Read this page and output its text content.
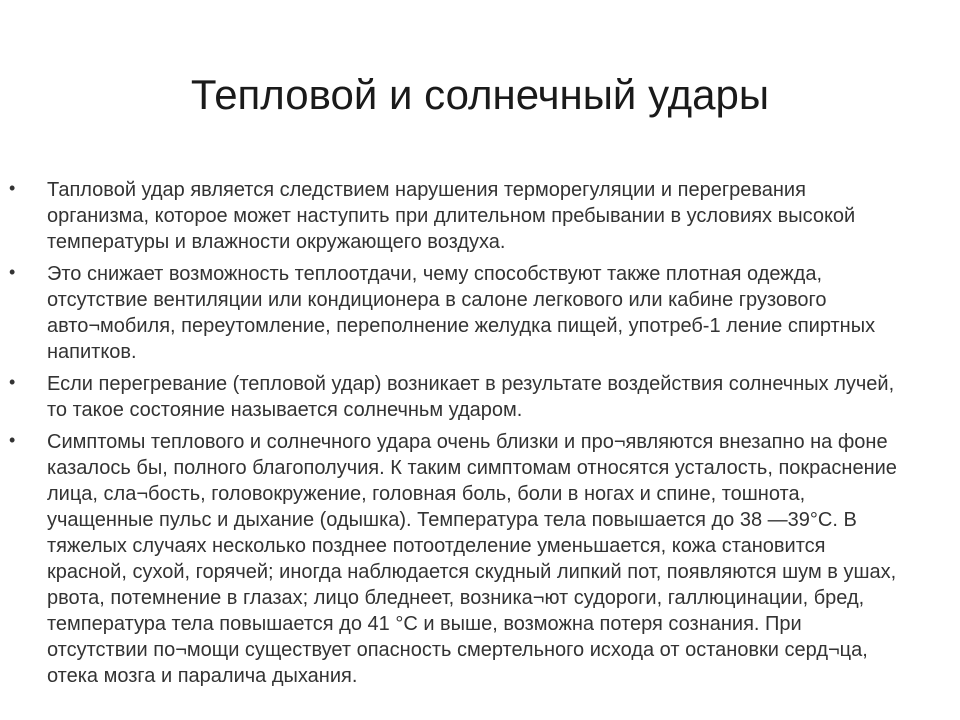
Тепловой и солнечный удары
• Тапловой удар является следствием нарушения терморегуляции и перегревания
организма, которое может наступить при длительном пребывании в условиях высокой
температуры и влажности окружающего воздуха.
• Это снижает возможность теплоотдачи, чему способствуют также плотная одежда,
отсутствие вентиляции или кондиционера в салоне легкового или кабине грузового
авто¬мобиля, переутомление, переполнение желудка пищей, употреб-1 ление спиртных
напитков.
• Если перегревание (тепловой удар) возникает в результате воздействия солнечных лучей,
то такое состояние называется солнечньм ударом.
• Симптомы теплового и солнечного удара очень близки и про¬являются внезапно на фоне
казалось бы, полного благополучия. К таким симптомам относятся усталость, покраснение
лица, сла¬бость, головокружение, головная боль, боли в ногах и спине, тошнота,
учащенные пульс и дыхание (одышка). Температура тела повышается до 38 —39°С. В
тяжелых случаях несколько позднее потоотделение уменьшается, кожа становится
красной, сухой, горячей; иногда наблюдается скудный липкий пот, появляются шум в ушах,
рвота, потемнение в глазах; лицо бледнеет, возника¬ют судороги, галлюцинации, бред,
температура тела повышается до 41 °С и выше, возможна потеря сознания. При
отсутствии по¬мощи существует опасность смертельного исхода от остановки серд¬ца,
отека мозга и паралича дыхания.
